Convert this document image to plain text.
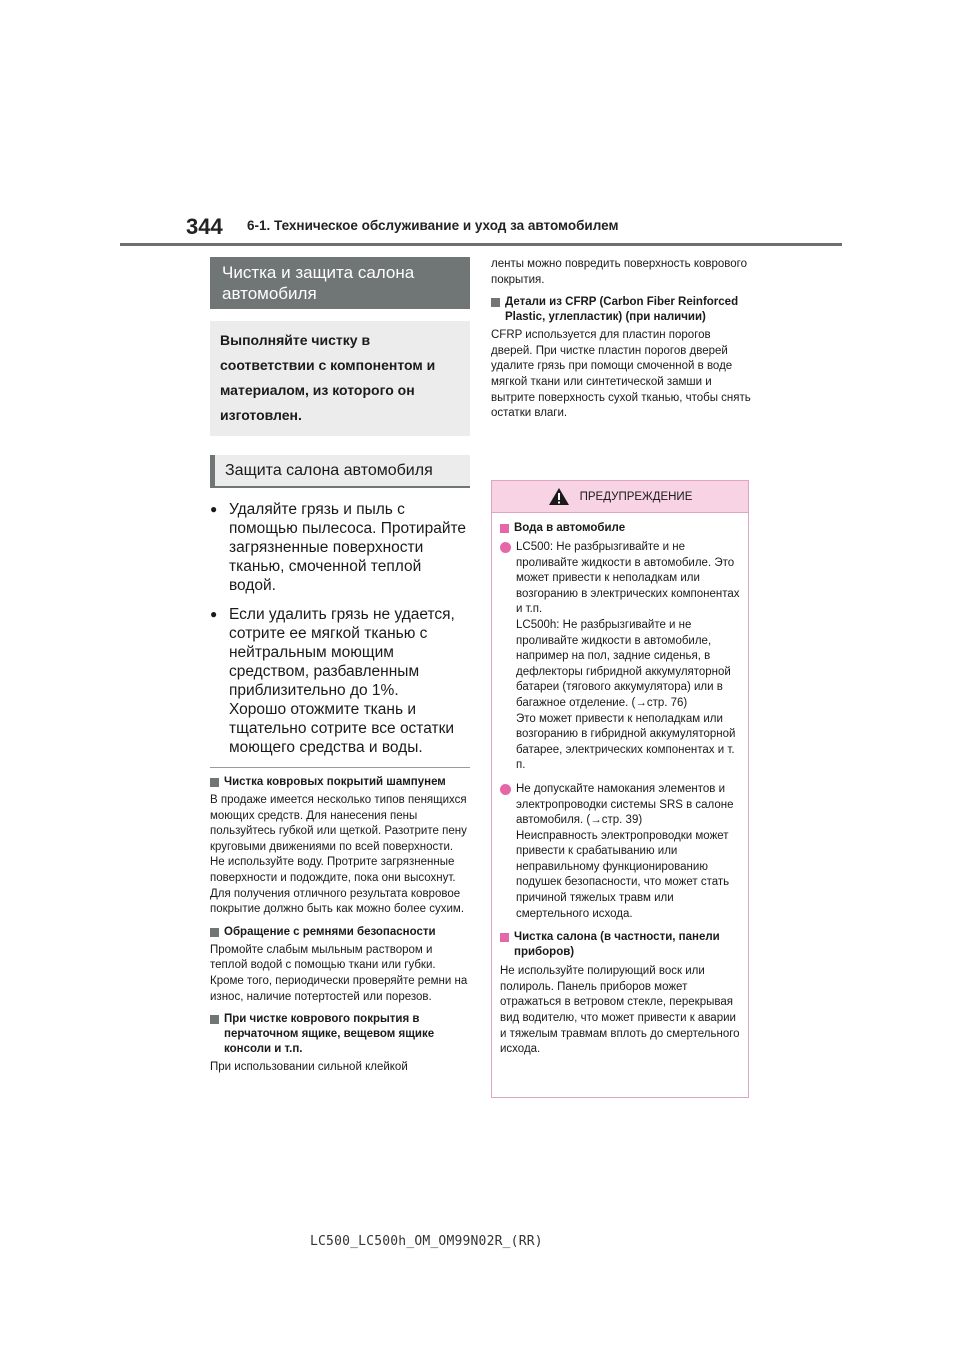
344 6-1. Техническое обслуживание и уход за автомобилем
Чистка и защита салона автомобиля
Выполняйте чистку в соответствии с компонентом и материалом, из которого он изготовлен.
Защита салона автомобиля
● Удаляйте грязь и пыль с помощью пылесоса. Протирайте загрязненные поверхности тканью, смоченной теплой водой.
● Если удалить грязь не удается, сотрите ее мягкой тканью с нейтральным моющим средством, разбавленным приблизительно до 1%.
Хорошо отожмите ткань и тщательно сотрите все остатки моющего средства и воды.
Чистка ковровых покрытий шампунем
В продаже имеется несколько типов пенящихся моющих средств. Для нанесения пены пользуйтесь губкой или щеткой. Разотрите пену круговыми движениями по всей поверхности. Не используйте воду. Протрите загрязненные поверхности и подождите, пока они высохнут. Для получения отличного результата ковровое покрытие должно быть как можно более сухим.
Обращение с ремнями безопасности
Промойте слабым мыльным раствором и теплой водой с помощью ткани или губки. Кроме того, периодически проверяйте ремни на износ, наличие потертостей или порезов.
При чистке коврового покрытия в перчаточном ящике, вещевом ящике консоли и т.п.
При использовании сильной клейкой
ленты можно повредить поверхность коврового покрытия.
Детали из CFRP (Carbon Fiber Reinforced Plastic, углепластик) (при наличии)
CFRP используется для пластин порогов дверей. При чистке пластин порогов дверей удалите грязь при помощи смоченной в воде мягкой ткани или синтетической замши и вытрите поверхность сухой тканью, чтобы снять остатки влаги.
ПРЕДУПРЕЖДЕНИЕ
Вода в автомобиле
LC500: Не разбрызгивайте и не проливайте жидкости в автомобиле. Это может привести к неполадкам или возгоранию в электрических компонентах и т.п.
LC500h: Не разбрызгивайте и не проливайте жидкости в автомобиле, например на пол, задние сиденья, в дефлекторы гибридной аккумуляторной батареи (тягового аккумулятора) или в багажное отделение. (→стр. 76)
Это может привести к неполадкам или возгоранию в гибридной аккумуляторной батарее, электрических компонентах и т. п.
Не допускайте намокания элементов и электропроводки системы SRS в салоне автомобиля. (→стр. 39)
Неисправность электропроводки может привести к срабатыванию или неправильному функционированию подушек безопасности, что может стать причиной тяжелых травм или смертельного исхода.
Чистка салона (в частности, панели приборов)
Не используйте полирующий воск или полироль. Панель приборов может отражаться в ветровом стекле, перекрывая вид водителю, что может привести к аварии и тяжелым травмам вплоть до смертельного исхода.
LC500_LC500h_OM_OM99N02R_(RR)
